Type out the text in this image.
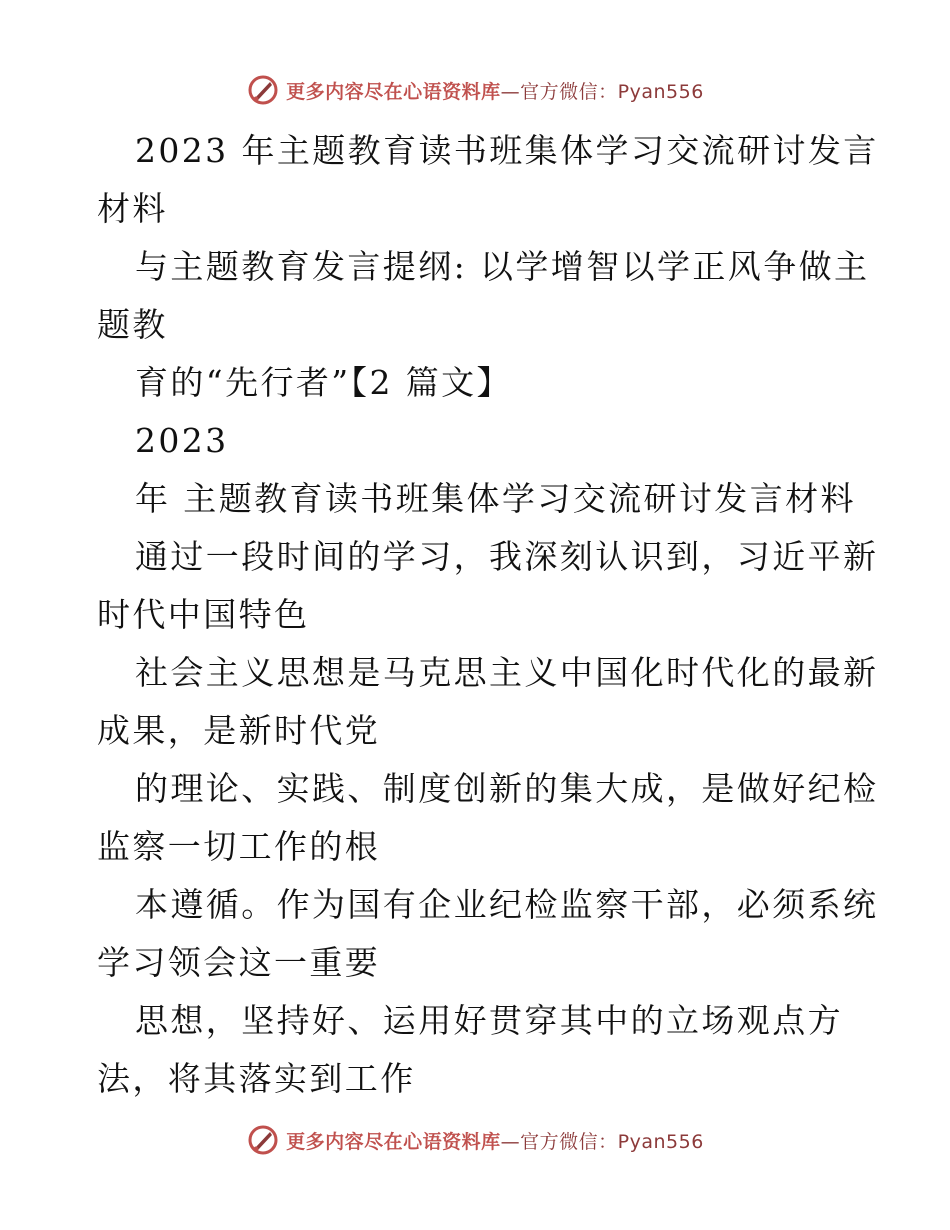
更多内容尽在心语资料库—官方微信：Pyan556
2023 年主题教育读书班集体学习交流研讨发言
材料
与主题教育发言提纲: 以学增智以学正风争做主
题教
育的“先行者”【2 篇文】
2023
年 主题教育读书班集体学习交流研讨发言材料
通过一段时间的学习，我深刻认识到，习近平新
时代中国特色
社会主义思想是马克思主义中国化时代化的最新
成果，是新时代党
的理论、实践、制度创新的集大成，是做好纪检
监察一切工作的根
本遵循。作为国有企业纪检监察干部，必须系统
学习领会这一重要
思想，坚持好、运用好贯穿其中的立场观点方
法，将其落实到工作
更多内容尽在心语资料库—官方微信：Pyan556
